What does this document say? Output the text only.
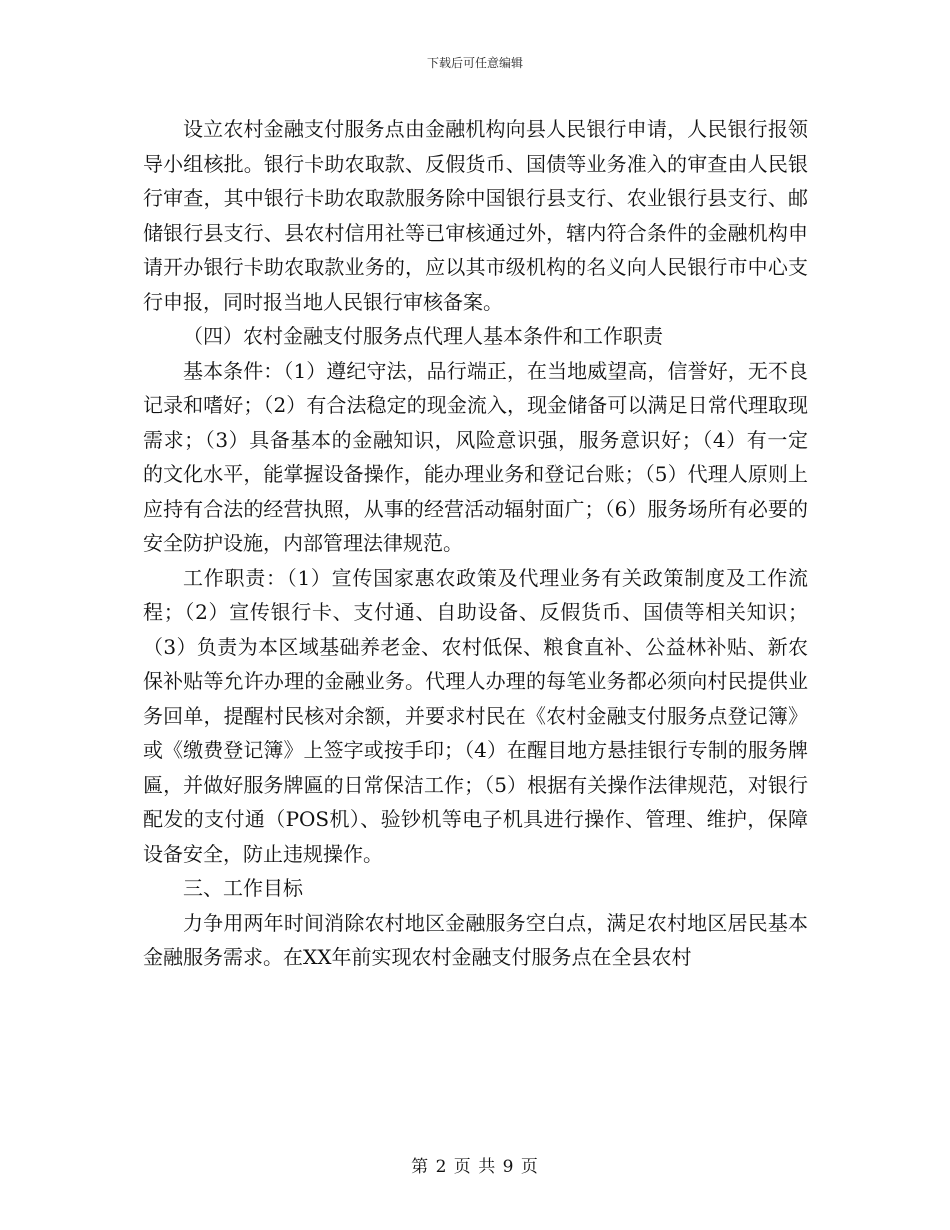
下载后可任意编辑

设立农村金融支付服务点由金融机构向县人民银行申请，人民银行报领导小组核批。银行卡助农取款、反假货币、国债等业务准入的审查由人民银行审查，其中银行卡助农取款服务除中国银行县支行、农业银行县支行、邮储银行县支行、县农村信用社等已审核通过外，辖内符合条件的金融机构申请开办银行卡助农取款业务的，应以其市级机构的名义向人民银行市中心支行申报，同时报当地人民银行审核备案。

（四）农村金融支付服务点代理人基本条件和工作职责

基本条件：（1）遵纪守法，品行端正，在当地威望高，信誉好，无不良记录和嗜好；（2）有合法稳定的现金流入，现金储备可以满足日常代理取现需求；（3）具备基本的金融知识，风险意识强，服务意识好；（4）有一定的文化水平，能掌握设备操作，能办理业务和登记台账；（5）代理人原则上应持有合法的经营执照，从事的经营活动辐射面广；（6）服务场所有必要的安全防护设施，内部管理法律规范。

工作职责：（1）宣传国家惠农政策及代理业务有关政策制度及工作流程；（2）宣传银行卡、支付通、自助设备、反假货币、国债等相关知识；（3）负责为本区域基础养老金、农村低保、粮食直补、公益林补贴、新农保补贴等允许办理的金融业务。代理人办理的每笔业务都必须向村民提供业务回单，提醒村民核对余额，并要求村民在《农村金融支付服务点登记簿》或《缴费登记簿》上签字或按手印；（4）在醒目地方悬挂银行专制的服务牌匾，并做好服务牌匾的日常保洁工作；（5）根据有关操作法律规范，对银行配发的支付通（POS机）、验钞机等电子机具进行操作、管理、维护，保障设备安全，防止违规操作。

三、工作目标

力争用两年时间消除农村地区金融服务空白点，满足农村地区居民基本金融服务需求。在XX年前实现农村金融支付服务点在全县农村

第 2 页 共 9 页
